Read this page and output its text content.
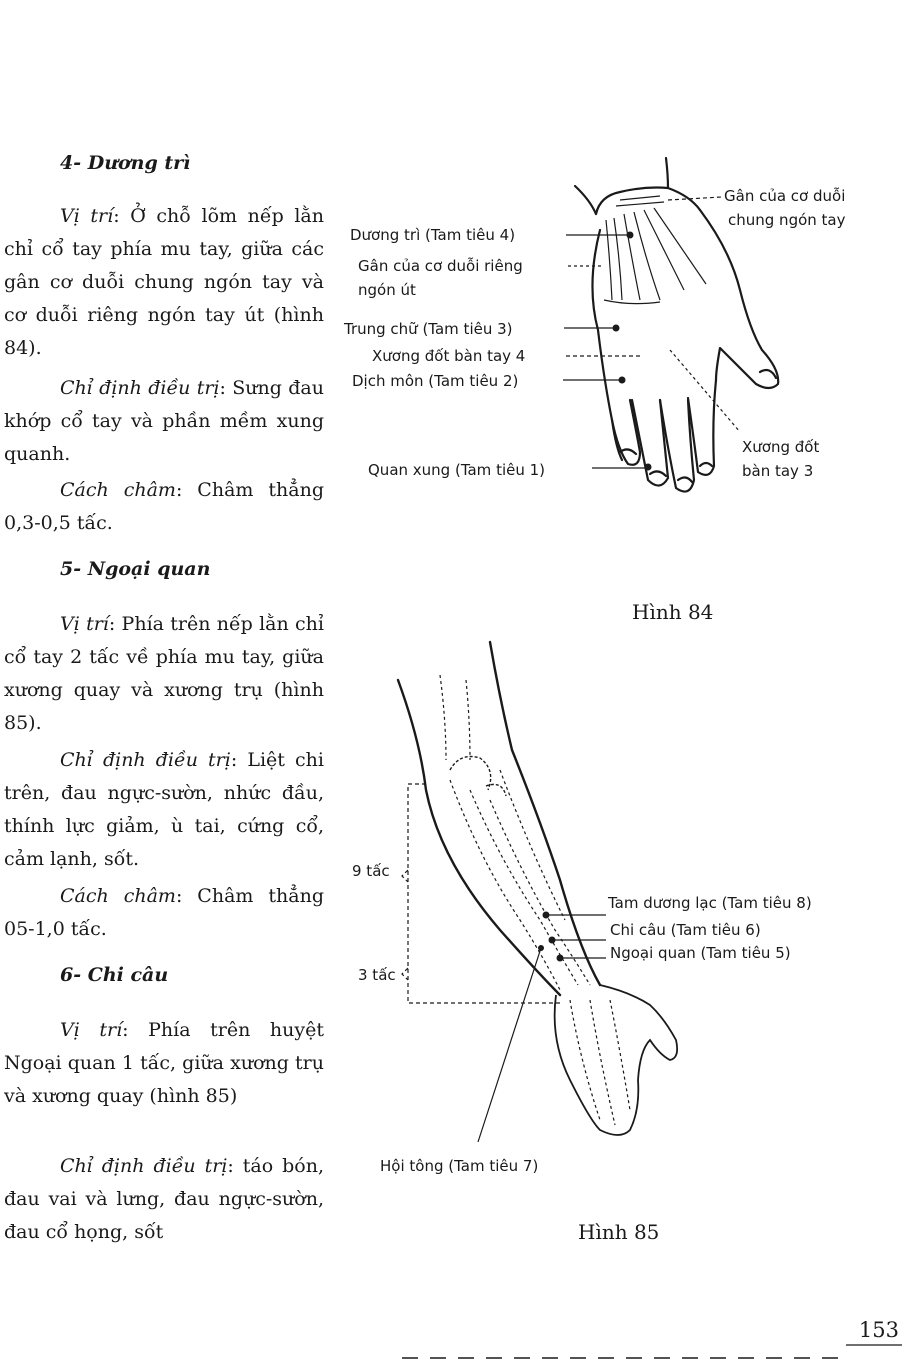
4- Dương trì

Vị trí: Ở chỗ lõm nếp lằn chỉ cổ tay phía mu tay, giữa các gân cơ duỗi chung ngón tay và cơ duỗi riêng ngón tay út (hình 84).

Chỉ định điều trị: Sưng đau khớp cổ tay và phần mềm xung quanh.

Cách châm: Châm thẳng 0,3-0,5 tấc.

5- Ngoại quan

Vị trí: Phía trên nếp lằn chỉ cổ tay 2 tấc về phía mu tay, giữa xương quay và xương trụ (hình 85).

Chỉ định điều trị: Liệt chi trên, đau ngực-sườn, nhức đầu, thính lực giảm, ù tai, cứng cổ, cảm lạnh, sốt.

Cách châm: Châm thẳng 05-1,0 tấc.

6- Chi câu

Vị trí: Phía trên huyệt Ngoại quan 1 tấc, giữa xương trụ và xương quay (hình 85)

Chỉ định điều trị: táo bón, đau vai và lưng, đau ngực-sườn, đau cổ họng, sốt

Dương trì (Tam tiêu 4)
Gân của cơ duỗi riêng
ngón út
Trung chữ (Tam tiêu 3)
Xương đốt bàn tay 4
Dịch môn (Tam tiêu 2)
Quan xung (Tam tiêu 1)
Gân của cơ duỗi
chung ngón tay
Xương đốt
bàn tay 3
Hình 84
9 tấc
3 tấc
Tam dương lạc (Tam tiêu 8)
Chi câu (Tam tiêu 6)
Ngoại quan (Tam tiêu 5)
Hội tông (Tam tiêu 7)
Hình 85
153
